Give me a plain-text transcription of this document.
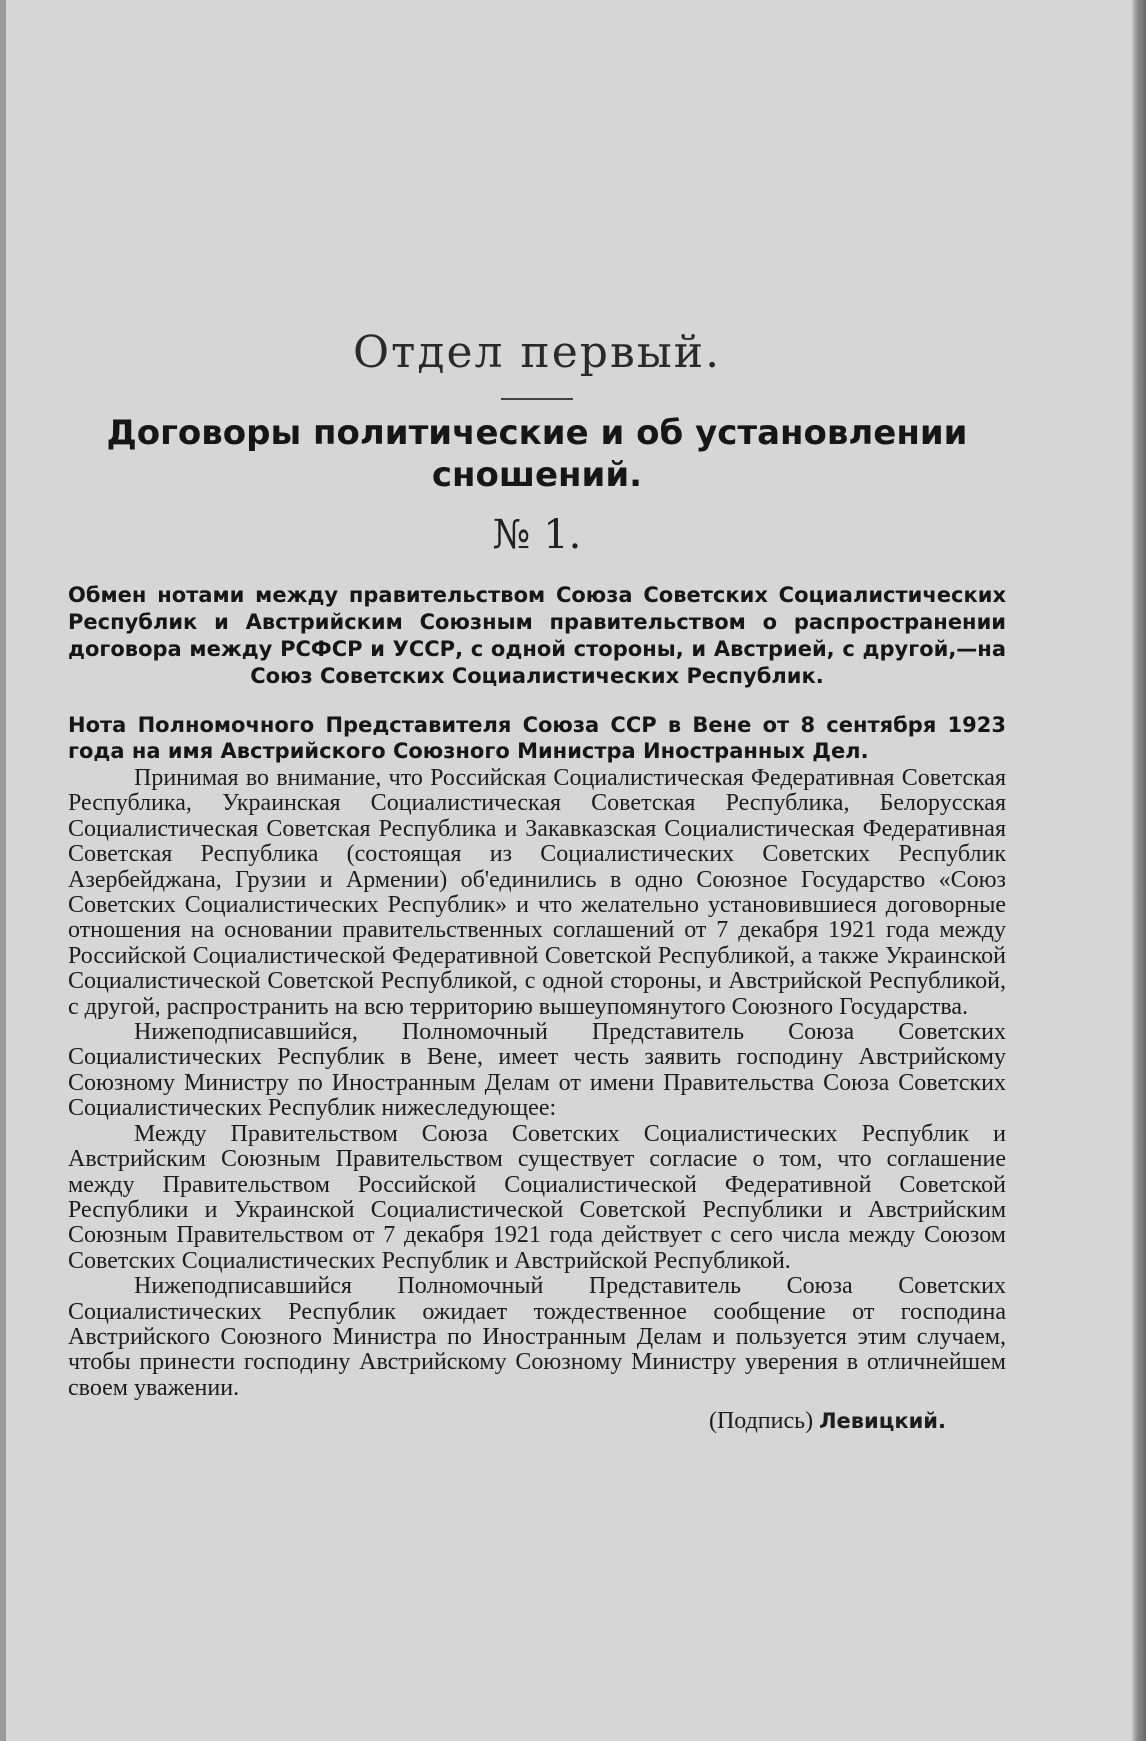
Отдел первый.
Договоры политические и об установлении сношений.
№ 1.

Обмен нотами между правительством Союза Советских Социалистических Республик и Австрийским Союзным правительством о распространении договора между РСФСР и УССР, с одной стороны, и Австрией, с другой,—на Союз Советских Социалистических Республик.

Нота Полномочного Представителя Союза ССР в Вене от 8 сентября 1923 года на имя Австрийского Союзного Министра Иностранных Дел.

Принимая во внимание, что Российская Социалистическая Федеративная Советская Республика, Украинская Социалистическая Советская Республика, Белорусская Социалистическая Советская Республика и Закавказская Социалистическая Федеративная Советская Республика (состоящая из Социалистических Советских Республик Азербейджана, Грузии и Армении) об'единились в одно Союзное Государство «Союз Советских Социалистических Республик» и что желательно установившиеся договорные отношения на основании правительственных соглашений от 7 декабря 1921 года между Российской Социалистической Федеративной Советской Республикой, а также Украинской Социалистической Советской Республикой, с одной стороны, и Австрийской Республикой, с другой, распространить на всю территорию вышеупомянутого Союзного Государства.

Нижеподписавшийся, Полномочный Представитель Союза Советских Социалистических Республик в Вене, имеет честь заявить господину Австрийскому Союзному Министру по Иностранным Делам от имени Правительства Союза Советских Социалистических Республик нижеследующее:

Между Правительством Союза Советских Социалистических Республик и Австрийским Союзным Правительством существует согласие о том, что соглашение между Правительством Российской Социалистической Федеративной Советской Республики и Украинской Социалистической Советской Республики и Австрийским Союзным Правительством от 7 декабря 1921 года действует с сего числа между Союзом Советских Социалистических Республик и Австрийской Республикой.

Нижеподписавшийся Полномочный Представитель Союза Советских Социалистических Республик ожидает тождественное сообщение от господина Австрийского Союзного Министра по Иностранным Делам и пользуется этим случаем, чтобы принести господину Австрийскому Союзному Министру уверения в отличнейшем своем уважении.

(Подпись) Левицкий.
